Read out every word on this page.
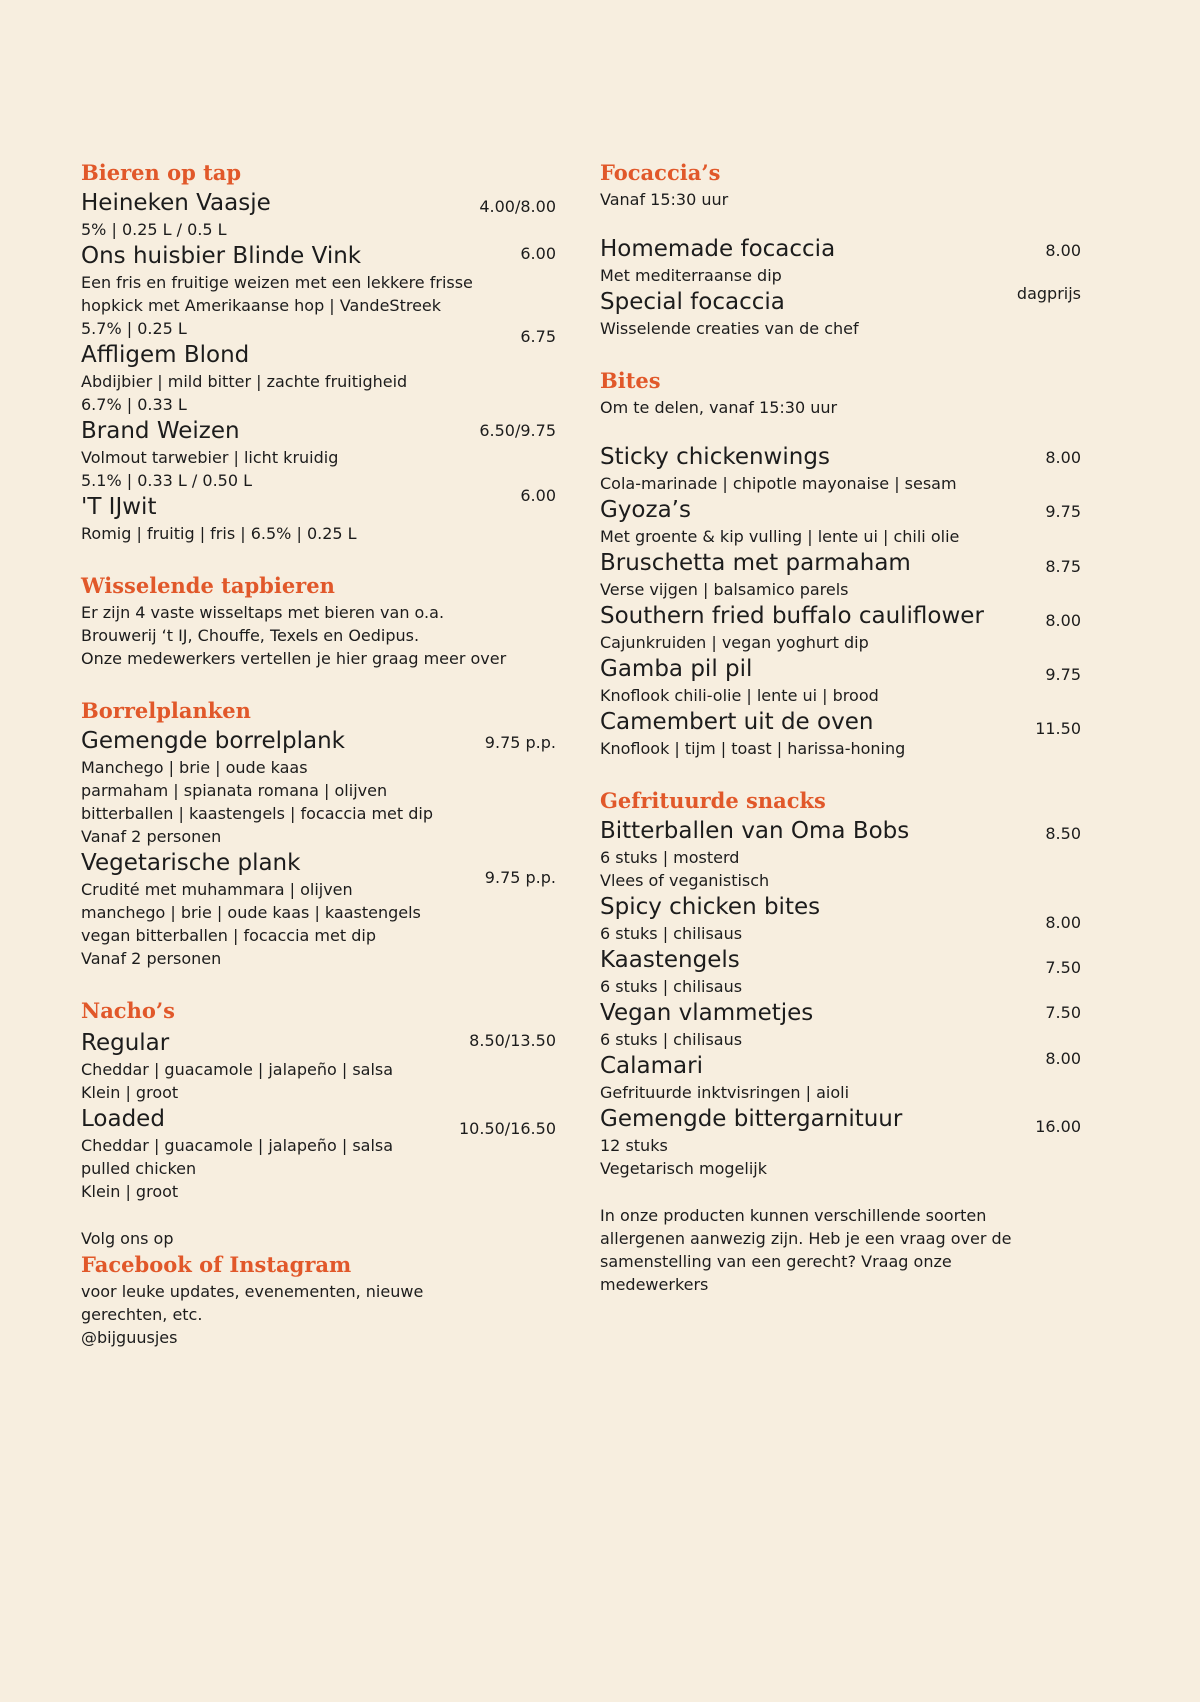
Bieren op tap
4.00/8.00

Heineken Vaasje

5% | 0.25 L / 0.5 L

6.00

Ons huisbier Blinde Vink

Een fris en fruitige weizen met een lekkere frisse

hopkick met Amerikaanse hop | VandeStreek

5.7% | 0.25 L	6.75

Affligem Blond

Abdijbier | mild bitter | zachte fruitigheid

6.7% | 0.33 L

6.50/9.75

Brand Weizen

Volmout tarwebier | licht kruidig

5.1% | 0.33 L / 0.50 L

6.00

'T IJwit

Romig | fruitig | fris | 6.5% | 0.25 L

Wisselende tapbieren

Er zijn 4 vaste wisseltaps met bieren van o.a.

Brouwerij ‘t IJ, Chouffe, Texels en Oedipus.

Onze medewerkers vertellen je hier graag meer over

Borrelplanken
9.75 p.p.

Gemengde borrelplank

Manchego | brie | oude kaas

parmaham | spianata romana | olijven

bitterballen | kaastengels | focaccia met dip

Vanaf 2 personen

9.75 p.p.

Vegetarische plank

Crudité met muhammara | olijven

manchego | brie | oude kaas | kaastengels

vegan bitterballen | focaccia met dip

Vanaf 2 personen

Nacho’s
8.50/13.50

Regular

Cheddar | guacamole | jalapeño | salsa

Klein | groot

10.50/16.50

Loaded

Cheddar | guacamole | jalapeño | salsa

pulled chicken

Klein | groot

Volg ons op

Facebook of Instagram

voor leuke updates, evenementen, nieuwe

gerechten, etc.

@bijguusjes

Focaccia’s

Vanaf 15:30 uur

8.00

Homemade focaccia

Met mediterraanse dip

dagprijs

Special focaccia

Wisselende creaties van de chef

Bites

Om te delen, vanaf 15:30 uur

8.00

Sticky chickenwings

Cola-marinade | chipotle mayonaise | sesam

9.75

Gyoza’s

Met groente & kip vulling | lente ui | chili olie

8.75

Bruschetta met parmaham

Verse vijgen | balsamico parels

8.00

Southern fried buffalo cauliflower

Cajunkruiden | vegan yoghurt dip

9.75

Gamba pil pil

Knoflook chili-olie | lente ui | brood

11.50

Camembert uit de oven

Knoflook | tijm | toast | harissa-honing

Gefrituurde snacks
8.50

Bitterballen van Oma Bobs

6 stuks | mosterd

Vlees of veganistisch

8.00

Spicy chicken bites

6 stuks | chilisaus

7.50

Kaastengels

6 stuks | chilisaus

7.50

Vegan vlammetjes

6 stuks | chilisaus

8.00

Calamari

Gefrituurde inktvisringen | aioli

16.00

Gemengde bittergarnituur

12 stuks

Vegetarisch mogelijk

In onze producten kunnen verschillende soorten

allergenen aanwezig zijn. Heb je een vraag over de

samenstelling van een gerecht? Vraag onze

medewerkers
